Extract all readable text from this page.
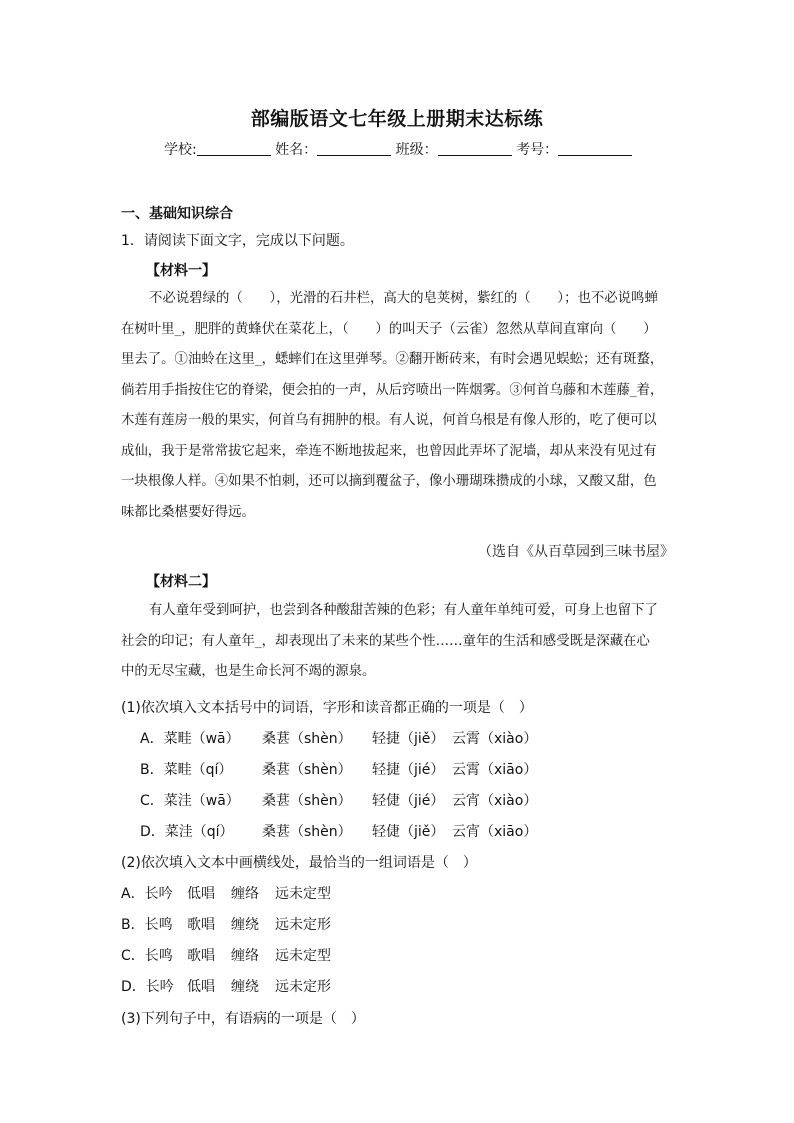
部编版语文七年级上册期末达标练
学校:	姓名：	班级：	考号：
一、基础知识综合
1．请阅读下面文字，完成以下问题。
【材料一】
不必说碧绿的（　　），光滑的石井栏，高大的皂荚树，紫红的（　　）；也不必说鸣蝉
在树叶里_，肥胖的黄蜂伏在菜花上，（　　）的叫天子（云雀）忽然从草间直窜向（　　）
里去了。①油蛉在这里_，蟋蟀们在这里弹琴。②翻开断砖来，有时会遇见蜈蚣；还有斑蝥，
倘若用手指按住它的脊梁，便会拍的一声，从后窍喷出一阵烟雾。③何首乌藤和木莲藤_着，
木莲有莲房一般的果实，何首乌有拥肿的根。有人说，何首乌根是有像人形的，吃了便可以
成仙，我于是常常拔它起来，牵连不断地拔起来，也曾因此弄坏了泥墙，却从来没有见过有
一块根像人样。④如果不怕刺，还可以摘到覆盆子，像小珊瑚珠攒成的小球，又酸又甜，色
味都比桑椹要好得远。
（选自《从百草园到三味书屋》
【材料二】
有人童年受到呵护，也尝到各种酸甜苦辣的色彩；有人童年单纯可爱，可身上也留下了
社会的印记；有人童年_，却表现出了未来的某些个性……童年的生活和感受既是深藏在心
中的无尽宝藏，也是生命长河不竭的源泉。
(1)依次填入文本括号中的词语，字形和读音都正确的一项是（　）
A．菜畦（wā） 桑葚（shèn） 轻捷（jiě） 云霄（xiào）
B．菜畦（qí） 桑葚（shèn） 轻捷（jié） 云霄（xiāo）
C．菜洼（wā） 桑葚（shèn） 轻倢（jié） 云宵（xiào）
D．菜洼（qí） 桑葚（shèn） 轻倢（jiě） 云宵（xiāo）
(2)依次填入文本中画横线处，最恰当的一组词语是（　）
A．长吟 低唱 缠络 远未定型
B．长鸣 歌唱 缠绕 远未定形
C．长鸣 歌唱 缠络 远未定型
D．长吟 低唱 缠绕 远未定形
(3)下列句子中，有语病的一项是（　）
